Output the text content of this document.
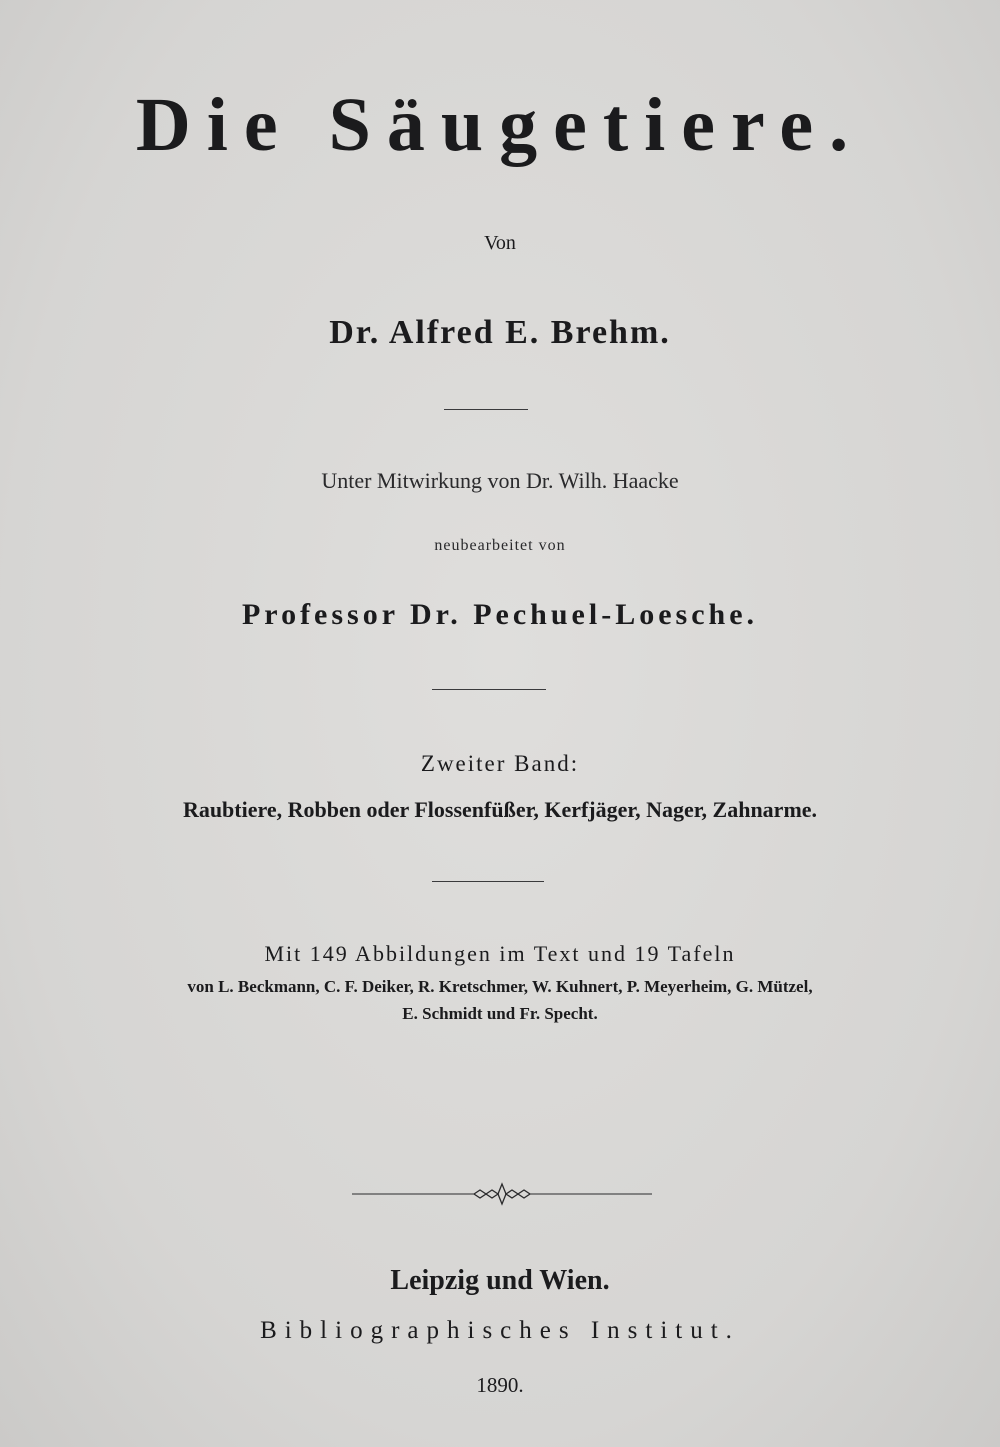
Die Säugetiere.
Von
Dr. Alfred E. Brehm.
Unter Mitwirkung von Dr. Wilh. Haacke
neubearbeitet von
Professor Dr. Pechuel-Loesche.
Zweiter Band:
Raubtiere, Robben oder Flossenfüßer, Kerfjäger, Nager, Zahnarme.
Mit 149 Abbildungen im Text und 19 Tafeln
von L. Beckmann, C. F. Deiker, R. Kretschmer, W. Kuhnert, P. Meyerheim, G. Mützel,
E. Schmidt und Fr. Specht.
Leipzig und Wien.
Bibliographisches Institut.
1890.
